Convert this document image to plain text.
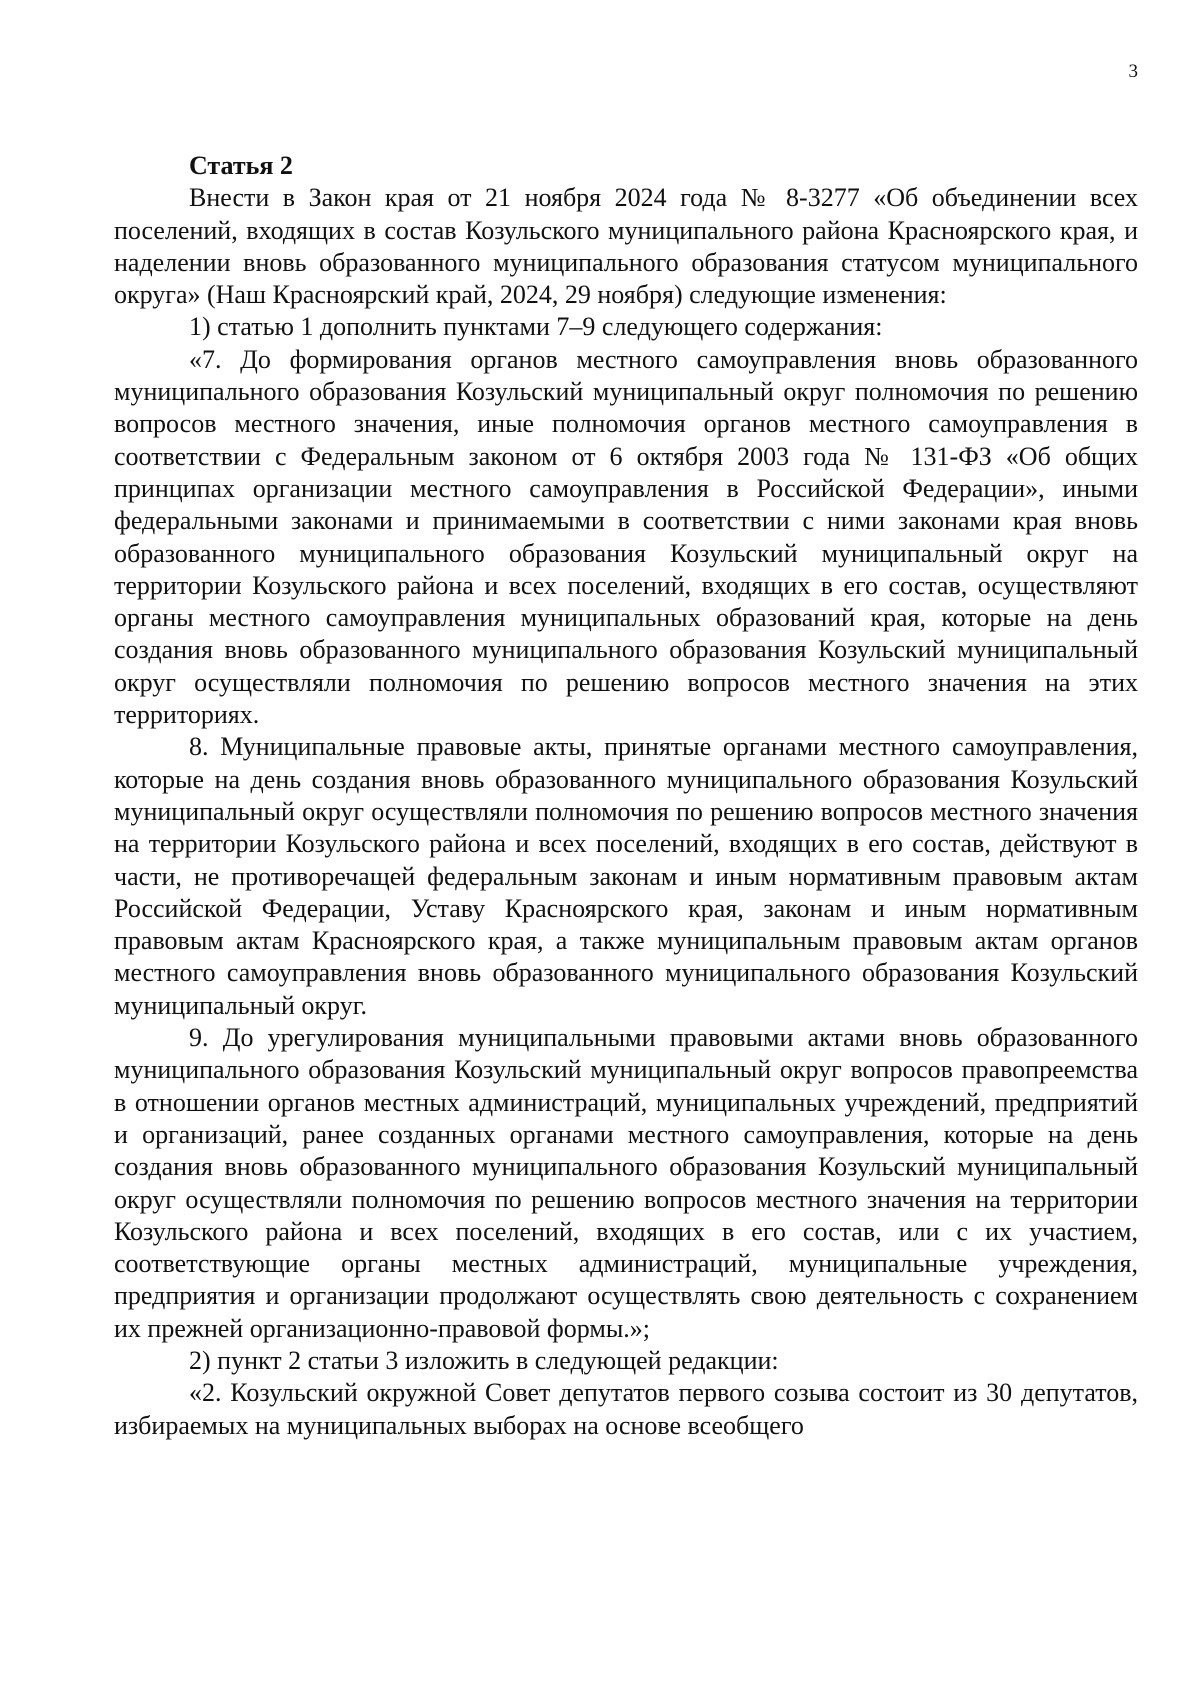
3

Статья 2

Внести в Закон края от 21 ноября 2024 года № 8-3277 «Об объединении всех поселений, входящих в состав Козульского муниципального района Красноярского края, и наделении вновь образованного муниципального образования статусом муниципального округа» (Наш Красноярский край, 2024, 29 ноября) следующие изменения:

1) статью 1 дополнить пунктами 7–9 следующего содержания:

«7. До формирования органов местного самоуправления вновь образованного муниципального образования Козульский муниципальный округ полномочия по решению вопросов местного значения, иные полномочия органов местного самоуправления в соответствии с Федеральным законом от 6 октября 2003 года № 131-ФЗ «Об общих принципах организации местного самоуправления в Российской Федерации», иными федеральными законами и принимаемыми в соответствии с ними законами края вновь образованного муниципального образования Козульский муниципальный округ на территории Козульского района и всех поселений, входящих в его состав, осуществляют органы местного самоуправления муниципальных образований края, которые на день создания вновь образованного муниципального образования Козульский муниципальный округ осуществляли полномочия по решению вопросов местного значения на этих территориях.

8. Муниципальные правовые акты, принятые органами местного самоуправления, которые на день создания вновь образованного муниципального образования Козульский муниципальный округ осуществляли полномочия по решению вопросов местного значения на территории Козульского района и всех поселений, входящих в его состав, действуют в части, не противоречащей федеральным законам и иным нормативным правовым актам Российской Федерации, Уставу Красноярского края, законам и иным нормативным правовым актам Красноярского края, а также муниципальным правовым актам органов местного самоуправления вновь образованного муниципального образования Козульский муниципальный округ.

9. До урегулирования муниципальными правовыми актами вновь образованного муниципального образования Козульский муниципальный округ вопросов правопреемства в отношении органов местных администраций, муниципальных учреждений, предприятий и организаций, ранее созданных органами местного самоуправления, которые на день создания вновь образованного муниципального образования Козульский муниципальный округ осуществляли полномочия по решению вопросов местного значения на территории Козульского района и всех поселений, входящих в его состав, или с их участием, соответствующие органы местных администраций, муниципальные учреждения, предприятия и организации продолжают осуществлять свою деятельность с сохранением их прежней организационно-правовой формы.»;

2) пункт 2 статьи 3 изложить в следующей редакции:

«2. Козульский окружной Совет депутатов первого созыва состоит из 30 депутатов, избираемых на муниципальных выборах на основе всеобщего
